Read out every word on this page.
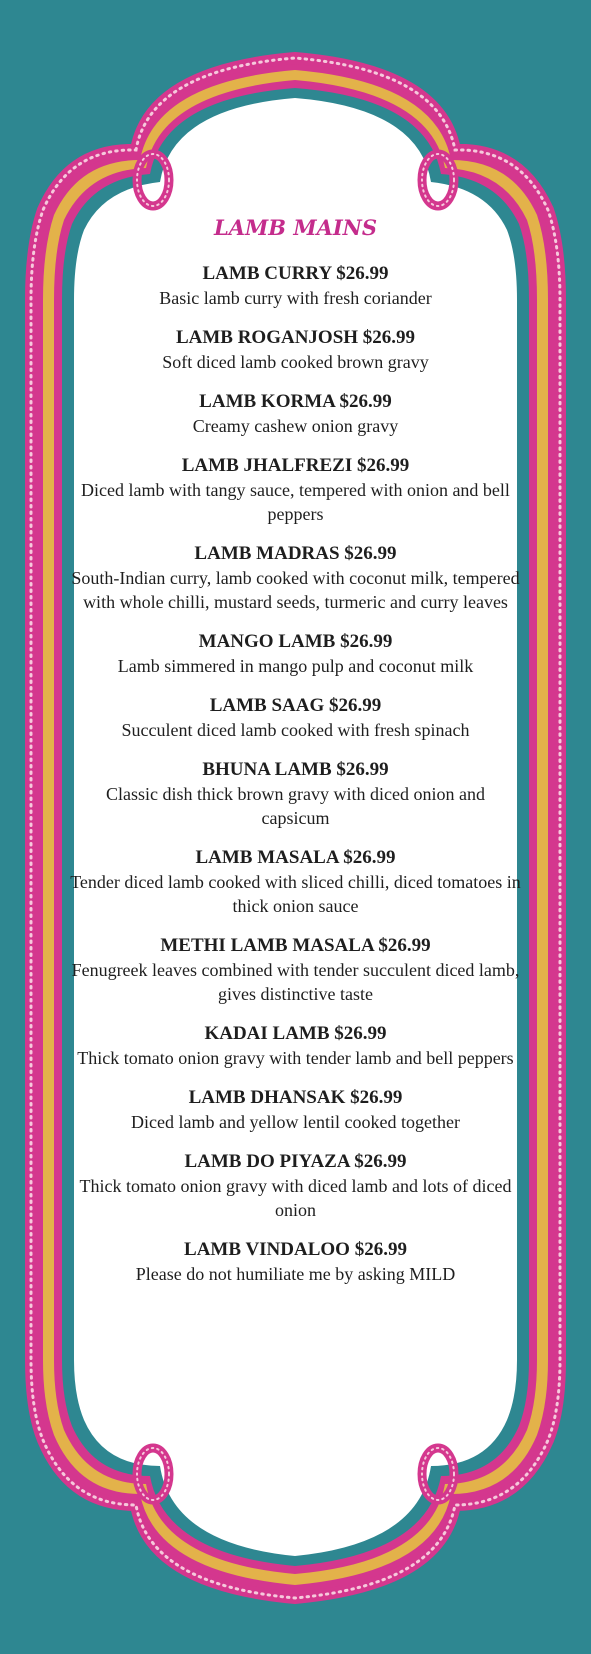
LAMB MAINS
LAMB CURRY $26.99
Basic lamb curry with fresh coriander
LAMB ROGANJOSH $26.99
Soft diced lamb cooked brown gravy
LAMB KORMA $26.99
Creamy cashew onion gravy
LAMB JHALFREZI $26.99
Diced lamb with tangy sauce, tempered with onion and bell peppers
LAMB MADRAS $26.99
South-Indian curry, lamb cooked with coconut milk, tempered with whole chilli, mustard seeds, turmeric and curry leaves
MANGO LAMB $26.99
Lamb simmered in mango pulp and coconut milk
LAMB SAAG $26.99
Succulent diced lamb cooked with fresh spinach
BHUNA LAMB $26.99
Classic dish thick brown gravy with diced onion and capsicum
LAMB MASALA $26.99
Tender diced lamb cooked with sliced chilli, diced tomatoes in thick onion sauce
METHI LAMB MASALA $26.99
Fenugreek leaves combined with tender succulent diced lamb, gives distinctive taste
KADAI LAMB $26.99
Thick tomato onion gravy with tender lamb and bell peppers
LAMB DHANSAK $26.99
Diced lamb and yellow lentil cooked together
LAMB DO PIYAZA $26.99
Thick tomato onion gravy with diced lamb and lots of diced onion
LAMB VINDALOO $26.99
Please do not humiliate me by asking MILD
